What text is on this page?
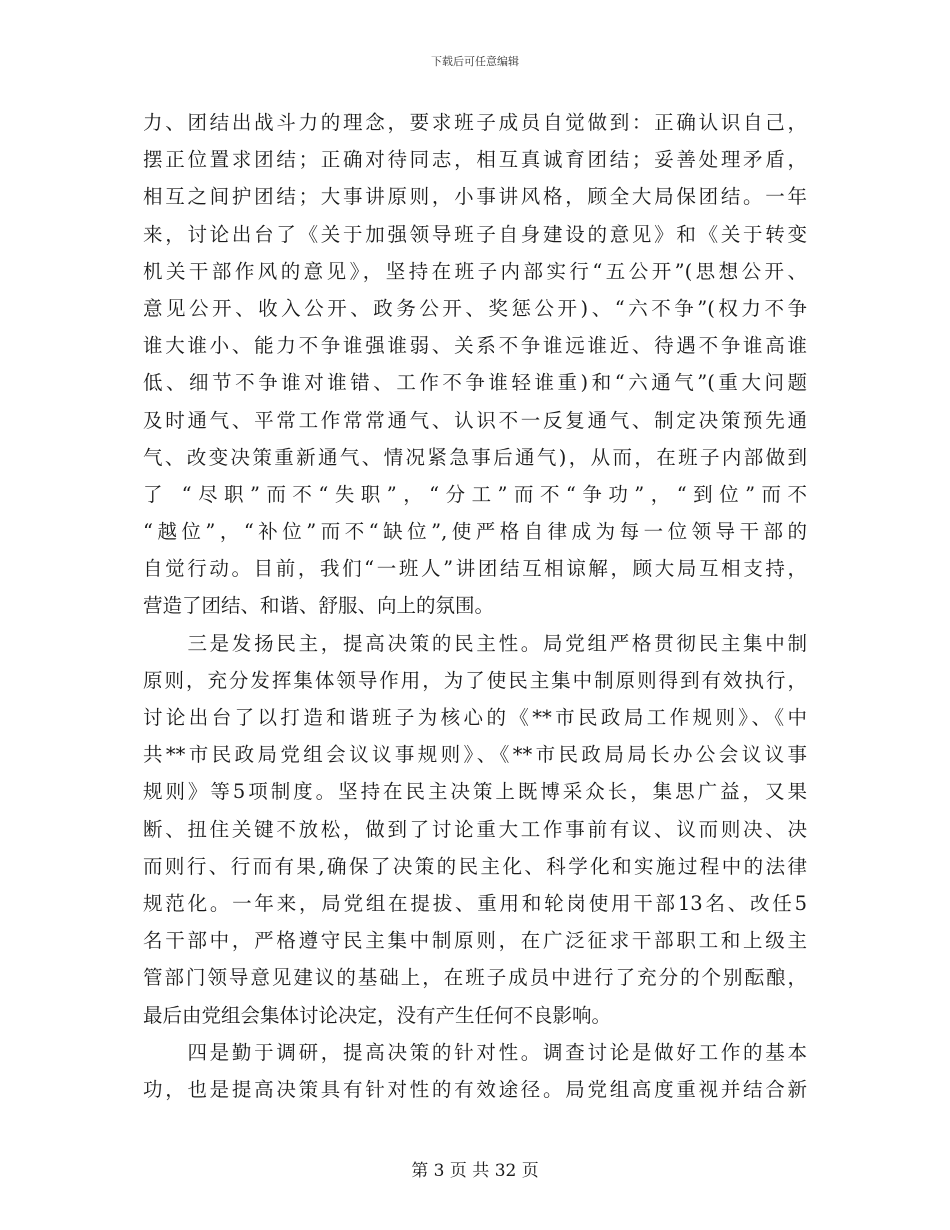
下载后可任意编辑
力、团结出战斗力的理念，要求班子成员自觉做到：正确认识自己，
摆正位置求团结；正确对待同志，相互真诚育团结；妥善处理矛盾，
相互之间护团结；大事讲原则，小事讲风格，顾全大局保团结。一年
来，讨论出台了《关于加强领导班子自身建设的意见》和《关于转变
机关干部作风的意见》，坚持在班子内部实行“五公开”(思想公开、
意见公开、收入公开、政务公开、奖惩公开)、“六不争”(权力不争
谁大谁小、能力不争谁强谁弱、关系不争谁远谁近、待遇不争谁高谁
低、细节不争谁对谁错、工作不争谁轻谁重)和“六通气”(重大问题
及时通气、平常工作常常通气、认识不一反复通气、制定决策预先通
气、改变决策重新通气、情况紧急事后通气)，从而，在班子内部做到
了 “尽职”而不“失职”，“分工”而不“争功”，“到位”而不
“越位”，“补位”而不“缺位”,使严格自律成为每一位领导干部的
自觉行动。目前，我们“一班人”讲团结互相谅解，顾大局互相支持，
营造了团结、和谐、舒服、向上的氛围。
　　三是发扬民主，提高决策的民主性。局党组严格贯彻民主集中制
原则，充分发挥集体领导作用，为了使民主集中制原则得到有效执行，
讨论出台了以打造和谐班子为核心的《**市民政局工作规则》、《中
共**市民政局党组会议议事规则》、《**市民政局局长办公会议议事
规则》等5项制度。坚持在民主决策上既博采众长，集思广益，又果
断、扭住关键不放松，做到了讨论重大工作事前有议、议而则决、决
而则行、行而有果,确保了决策的民主化、科学化和实施过程中的法律
规范化。一年来，局党组在提拔、重用和轮岗使用干部13名、改任5
名干部中，严格遵守民主集中制原则，在广泛征求干部职工和上级主
管部门领导意见建议的基础上，在班子成员中进行了充分的个别酝酿，
最后由党组会集体讨论决定，没有产生任何不良影响。
　　四是勤于调研，提高决策的针对性。调查讨论是做好工作的基本
功，也是提高决策具有针对性的有效途径。局党组高度重视并结合新
第 3 页 共 32 页
